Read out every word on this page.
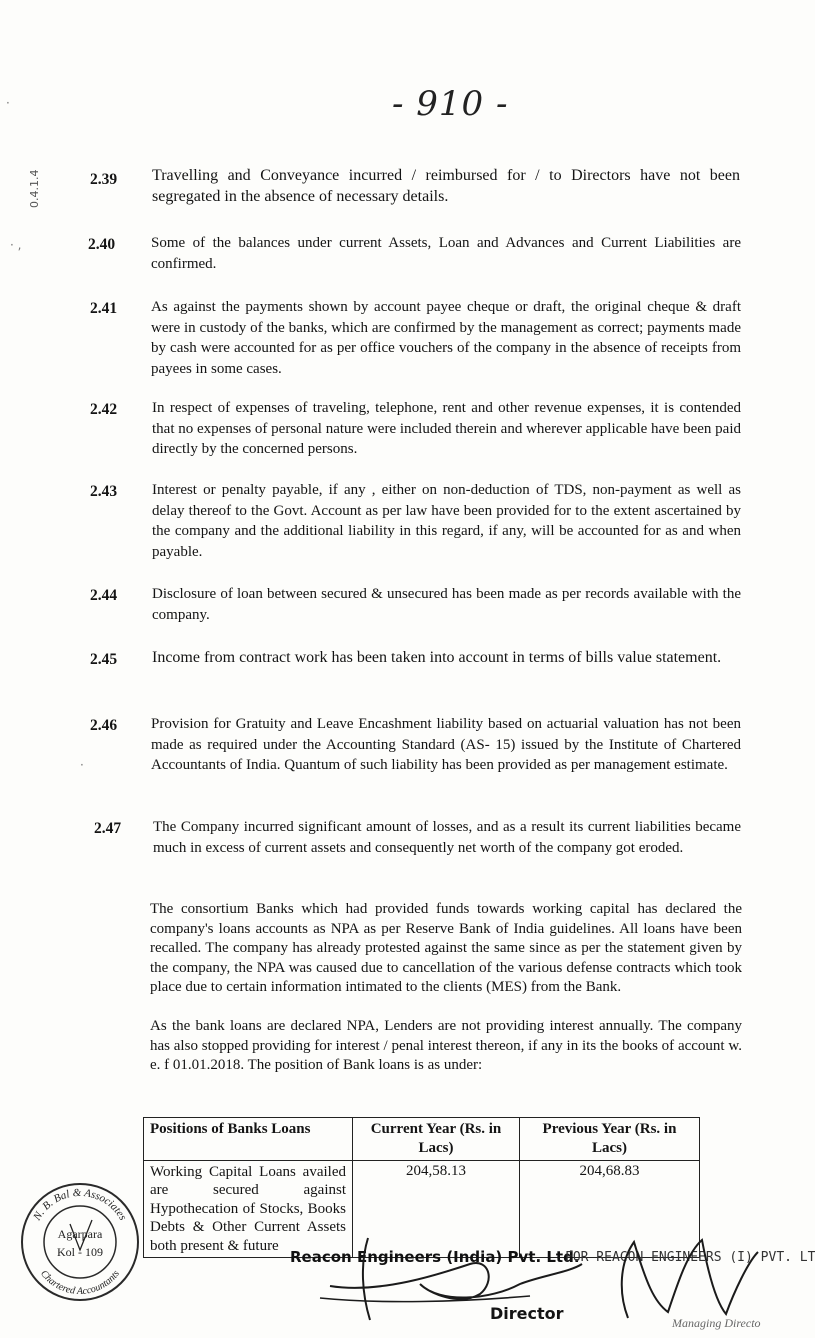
- 910 -
0.4.1.4
·
· ,
·
2.39 Travelling and Conveyance incurred / reimbursed for / to Directors have not been segregated in the absence of necessary details.
2.40 Some of the balances under current Assets, Loan and Advances and Current Liabilities are confirmed.
2.41 As against the payments shown by account payee cheque or draft, the original cheque & draft were in custody of the banks, which are confirmed by the management as correct; payments made by cash were accounted for as per office vouchers of the company in the absence of receipts from payees in some cases.
2.42 In respect of expenses of traveling, telephone, rent and other revenue expenses, it is contended that no expenses of personal nature were included therein and wherever applicable have been paid directly by the concerned persons.
2.43 Interest or penalty payable, if any , either on non-deduction of TDS, non-payment as well as delay thereof to the Govt. Account as per law have been provided for to the extent ascertained by the company and the additional liability in this regard, if any, will be accounted for as and when payable.
2.44 Disclosure of loan between secured & unsecured has been made as per records available with the company.
2.45 Income from contract work has been taken into account in terms of bills value statement.
2.46 Provision for Gratuity and Leave Encashment liability based on actuarial valuation has not been made as required under the Accounting Standard (AS- 15) issued by the Institute of Chartered Accountants of India. Quantum of such liability has been provided as per management estimate.
2.47 The Company incurred significant amount of losses, and as a result its current liabilities became much in excess of current assets and consequently net worth of the company got eroded.
The consortium Banks which had provided funds towards working capital has declared the company's loans accounts as NPA as per Reserve Bank of India guidelines. All loans have been recalled. The company has already protested against the same since as per the statement given by the company, the NPA was caused due to cancellation of the various defense contracts which took place due to certain information intimated to the clients (MES) from the Bank.
As the bank loans are declared NPA, Lenders are not providing interest annually. The company has also stopped providing for interest / penal interest thereon, if any in its the books of account w. e. f 01.01.2018. The position of Bank loans is as under:
Positions of Banks Loans	Current Year (Rs. in Lacs)	Previous Year (Rs. in Lacs)
Working Capital Loans availed are secured against Hypothecation of Stocks, Books Debts & Other Current Assets both present & future	204,58.13	204,68.83
N. B. Bal & Associates
Chartered Accountants
Agarpara
Kol - 109	Reacon Engineers (India) Pvt. Ltd.
FOR REACON ENGINEERS (I) PVT. LT
Director	Managing Directo
